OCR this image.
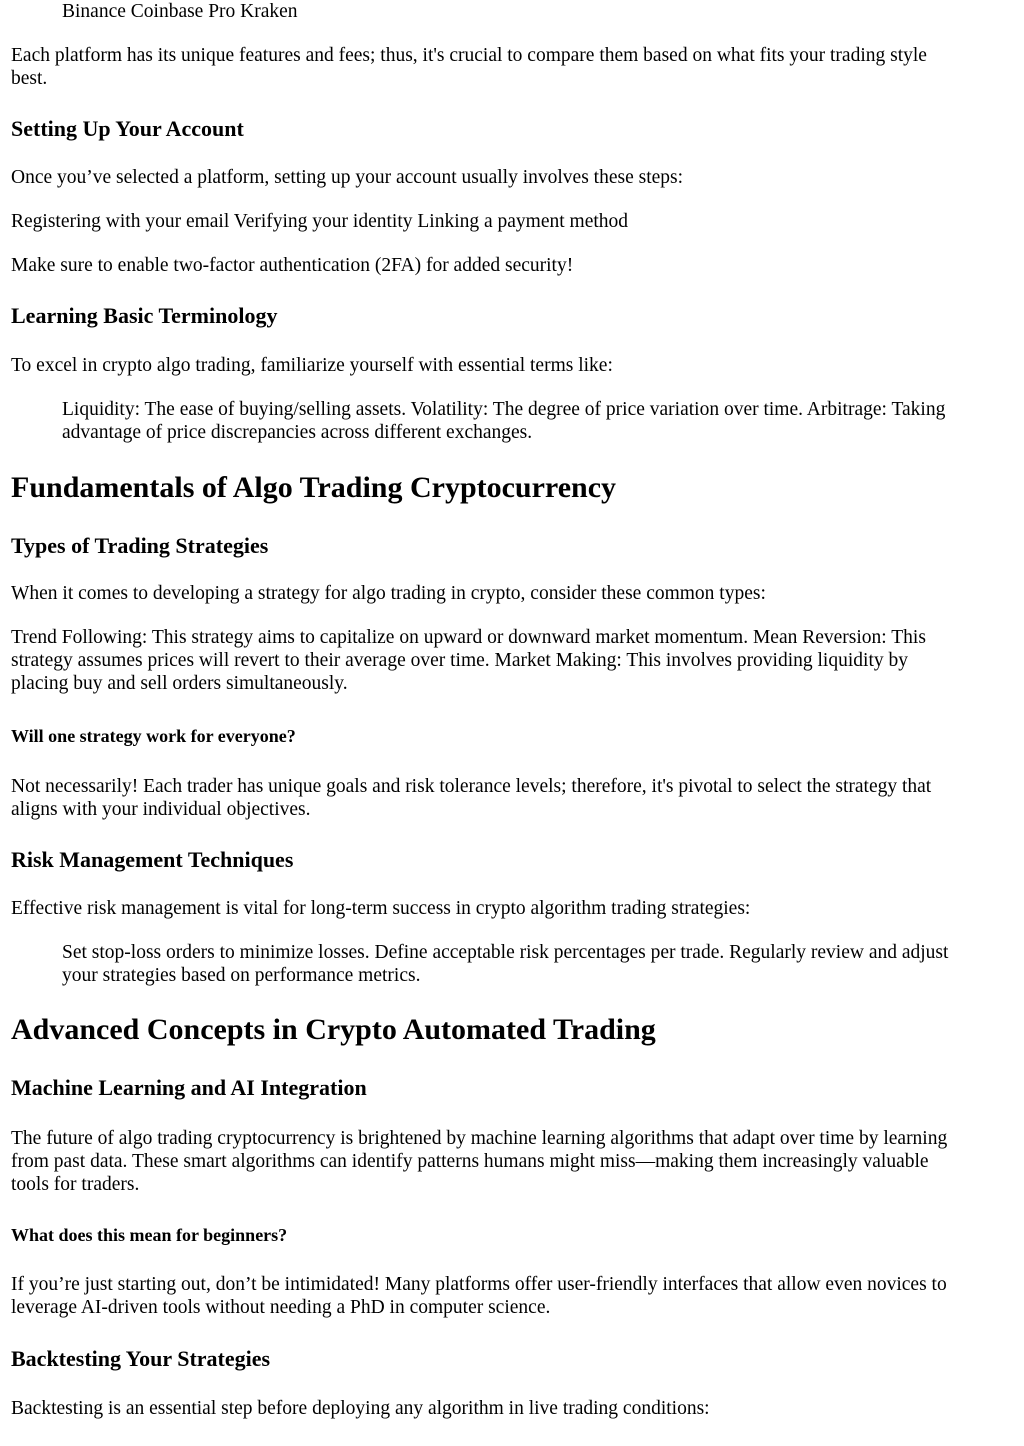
Binance Coinbase Pro Kraken

Each platform has its unique features and fees; thus, it's crucial to compare them based on what fits your trading style
best.

Setting Up Your Account

Once you’ve selected a platform, setting up your account usually involves these steps:

Registering with your email Verifying your identity Linking a payment method

Make sure to enable two-factor authentication (2FA) for added security!

Learning Basic Terminology

To excel in crypto algo trading, familiarize yourself with essential terms like:

Liquidity: The ease of buying/selling assets. Volatility: The degree of price variation over time. Arbitrage: Taking
advantage of price discrepancies across different exchanges.

Fundamentals of Algo Trading Cryptocurrency
Types of Trading Strategies

When it comes to developing a strategy for algo trading in crypto, consider these common types:

Trend Following: This strategy aims to capitalize on upward or downward market momentum. Mean Reversion: This
strategy assumes prices will revert to their average over time. Market Making: This involves providing liquidity by
placing buy and sell orders simultaneously.

Will one strategy work for everyone?

Not necessarily! Each trader has unique goals and risk tolerance levels; therefore, it's pivotal to select the strategy that
aligns with your individual objectives.

Risk Management Techniques

Effective risk management is vital for long-term success in crypto algorithm trading strategies:

Set stop-loss orders to minimize losses. Define acceptable risk percentages per trade. Regularly review and adjust
your strategies based on performance metrics.

Advanced Concepts in Crypto Automated Trading
Machine Learning and AI Integration

The future of algo trading cryptocurrency is brightened by machine learning algorithms that adapt over time by learning
from past data. These smart algorithms can identify patterns humans might miss—making them increasingly valuable
tools for traders.

What does this mean for beginners?

If you’re just starting out, don’t be intimidated! Many platforms offer user-friendly interfaces that allow even novices to
leverage AI-driven tools without needing a PhD in computer science.

Backtesting Your Strategies

Backtesting is an essential step before deploying any algorithm in live trading conditions:
